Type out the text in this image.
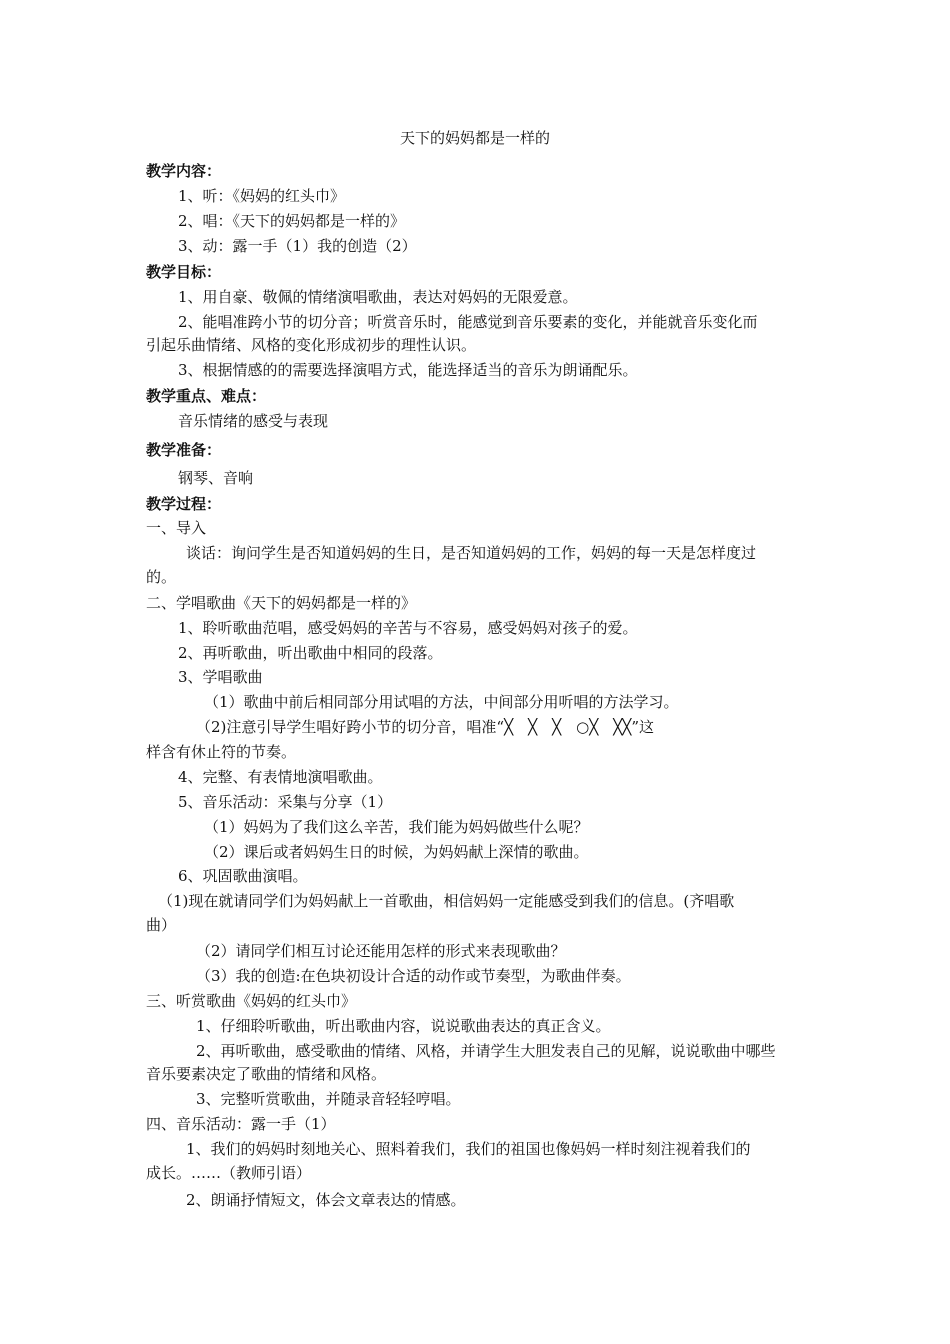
天下的妈妈都是一样的
教学内容：
1、听：《妈妈的红头巾》
2、唱：《天下的妈妈都是一样的》
3、动：露一手（1）我的创造（2）
教学目标：
1、用自豪、敬佩的情绪演唱歌曲，表达对妈妈的无限爱意。
2、能唱准跨小节的切分音；听赏音乐时，能感觉到音乐要素的变化，并能就音乐变化而
引起乐曲情绪、风格的变化形成初步的理性认识。
3、根据情感的的需要选择演唱方式，能选择适当的音乐为朗诵配乐。
教学重点、难点：
音乐情绪的感受与表现
教学准备：
钢琴、音响
教学过程：
一、导入
谈话：询问学生是否知道妈妈的生日，是否知道妈妈的工作，妈妈的每一天是怎样度过
的。
二、学唱歌曲《天下的妈妈都是一样的》
1、聆听歌曲范唱，感受妈妈的辛苦与不容易，感受妈妈对孩子的爱。
2、再听歌曲，听出歌曲中相同的段落。
3、学唱歌曲
（1）歌曲中前后相同部分用试唱的方法，中间部分用听唱的方法学习。
（2)注意引导学生唱好跨小节的切分音，唱准“╳　╳　╳　○╳　╳╳”这
样含有休止符的节奏。
4、完整、有表情地演唱歌曲。
5、音乐活动：采集与分享（1）
（1）妈妈为了我们这么辛苦，我们能为妈妈做些什么呢？
（2）课后或者妈妈生日的时候，为妈妈献上深情的歌曲。
6、巩固歌曲演唱。
（1)现在就请同学们为妈妈献上一首歌曲，相信妈妈一定能感受到我们的信息。(齐唱歌
曲）
（2）请同学们相互讨论还能用怎样的形式来表现歌曲？
（3）我的创造:在色块初设计合适的动作或节奏型，为歌曲伴奏。
三、听赏歌曲《妈妈的红头巾》
1、仔细聆听歌曲，听出歌曲内容，说说歌曲表达的真正含义。
2、再听歌曲，感受歌曲的情绪、风格，并请学生大胆发表自己的见解，说说歌曲中哪些
音乐要素决定了歌曲的情绪和风格。
3、完整听赏歌曲，并随录音轻轻哼唱。
四、音乐活动：露一手（1）
1、我们的妈妈时刻地关心、照料着我们，我们的祖国也像妈妈一样时刻注视着我们的
成长。……（教师引语）
2、朗诵抒情短文，体会文章表达的情感。
